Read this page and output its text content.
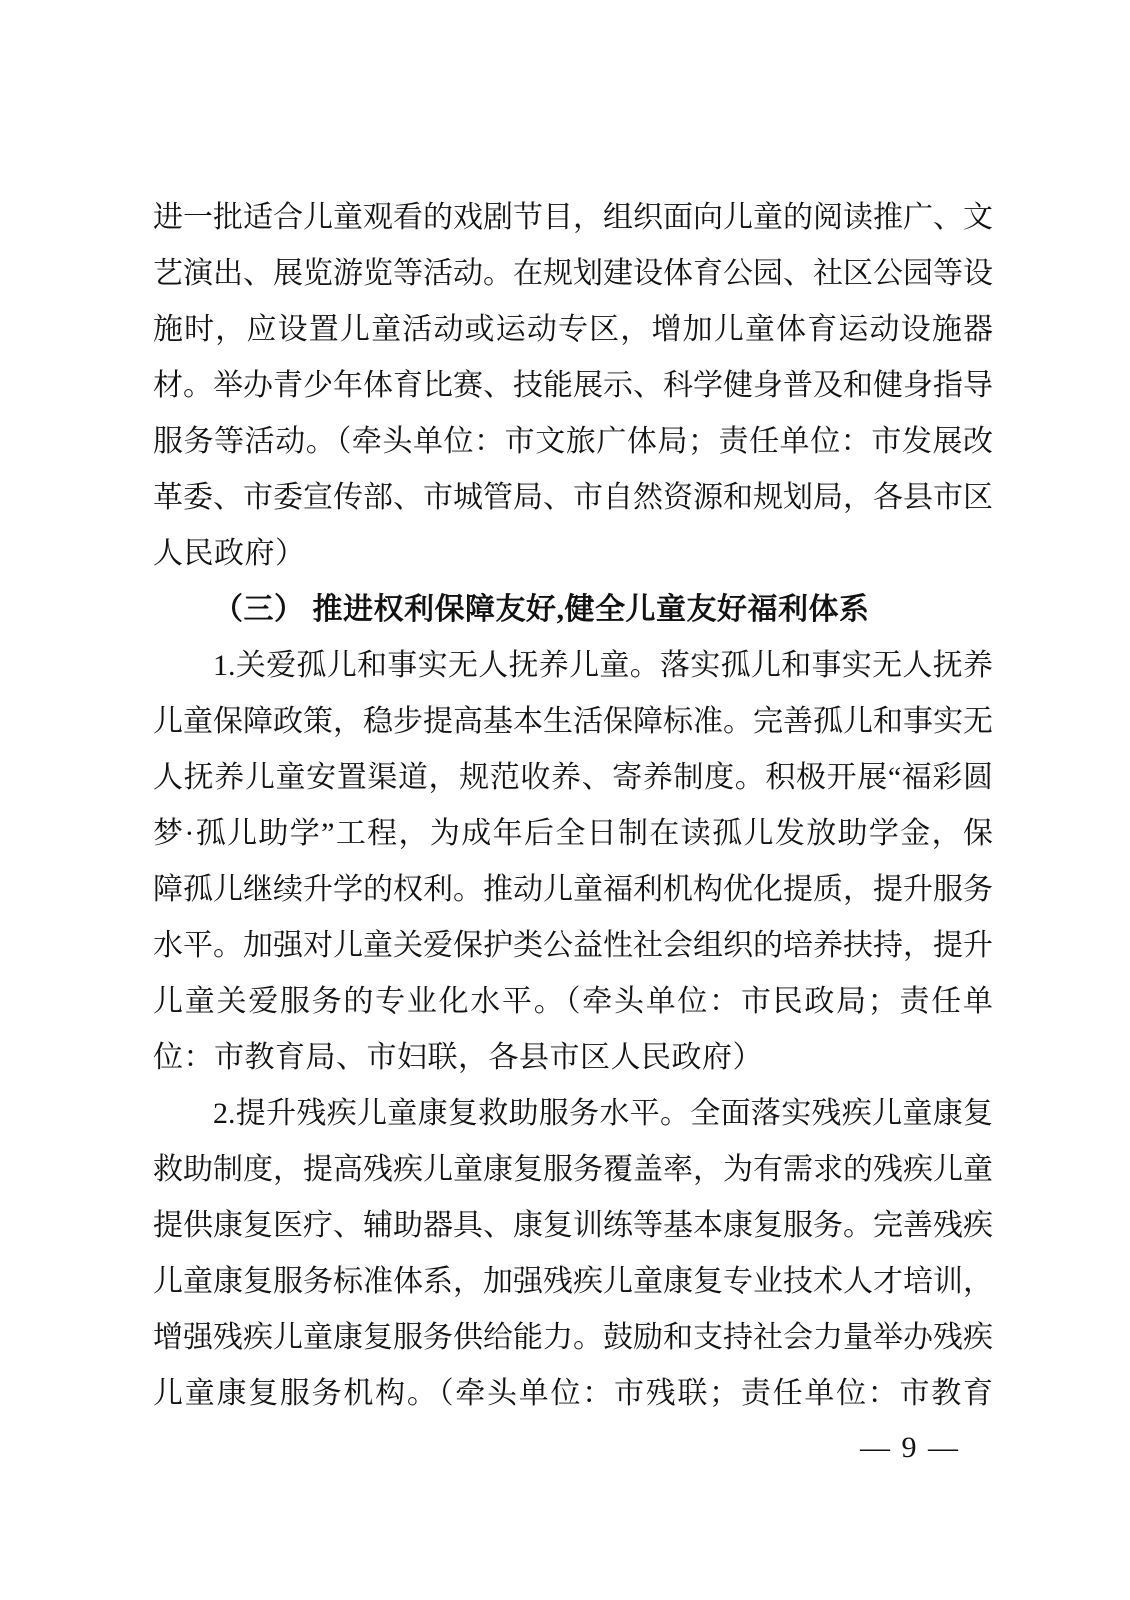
进一批适合儿童观看的戏剧节目，组织面向儿童的阅读推广、文
艺演出、展览游览等活动。在规划建设体育公园、社区公园等设
施时，应设置儿童活动或运动专区，增加儿童体育运动设施器
材。举办青少年体育比赛、技能展示、科学健身普及和健身指导
服务等活动。（牵头单位：市文旅广体局；责任单位：市发展改
革委、市委宣传部、市城管局、市自然资源和规划局，各县市区
人民政府）
（三） 推进权利保障友好,健全儿童友好福利体系
1.关爱孤儿和事实无人抚养儿童。落实孤儿和事实无人抚养
儿童保障政策，稳步提高基本生活保障标准。完善孤儿和事实无
人抚养儿童安置渠道，规范收养、寄养制度。积极开展“福彩圆
梦·孤儿助学”工程，为成年后全日制在读孤儿发放助学金，保
障孤儿继续升学的权利。推动儿童福利机构优化提质，提升服务
水平。加强对儿童关爱保护类公益性社会组织的培养扶持，提升
儿童关爱服务的专业化水平。（牵头单位：市民政局；责任单
位：市教育局、市妇联，各县市区人民政府）
2.提升残疾儿童康复救助服务水平。全面落实残疾儿童康复
救助制度，提高残疾儿童康复服务覆盖率，为有需求的残疾儿童
提供康复医疗、辅助器具、康复训练等基本康复服务。完善残疾
儿童康复服务标准体系，加强残疾儿童康复专业技术人才培训，
增强残疾儿童康复服务供给能力。鼓励和支持社会力量举办残疾
儿童康复服务机构。（牵头单位：市残联；责任单位：市教育
— 9 —
